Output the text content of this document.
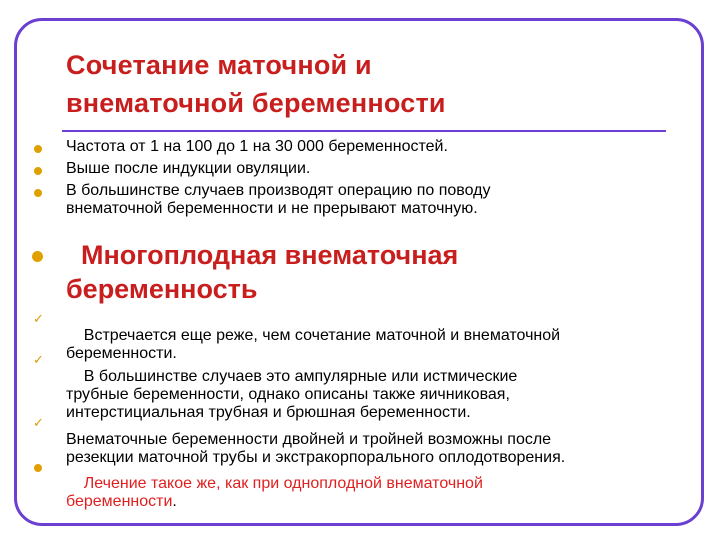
Сочетание маточной и
внематочной беременности
Частота от 1 на 100 до 1 на 30 000 беременностей.
Выше после индукции овуляции.
В большинстве случаев производят операцию по поводу
внематочной беременности и не прерывают маточную.
Многоплодная внематочная
беременность
✓

Встречается еще реже, чем сочетание маточной и внематочной
беременности.
✓

В большинстве случаев это ампулярные или истмические
трубные беременности, однако описаны также яичниковая,
интерстициальная трубная и брюшная беременности.
✓

Внематочные беременности двойней и тройней возможны после
резекции маточной трубы и экстракорпорального оплодотворения.

Лечение такое же, как при одноплодной внематочной
беременности.
